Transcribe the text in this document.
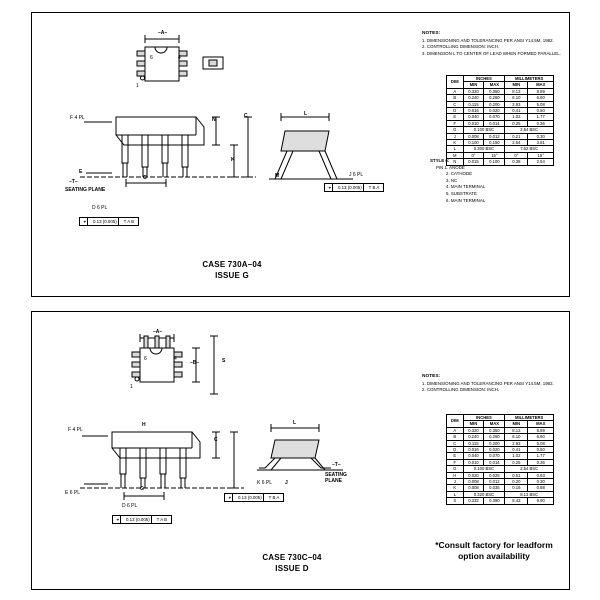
–A–
1
6	4
F 4 PL
E
G
N
K
C
–T–
SEATING PLANE
D 6 PL
⌖ 0.13 (0.005) T A B
L
M	J 6 PL
⌖ 0.13 (0.005) T B A
NOTES:
1. DIMENSIONING AND TOLERANCING PER ANSI Y14.5M, 1982.
2. CONTROLLING DIMENSION: INCH.
3. DIMENSION L TO CENTER OF LEAD WHEN FORMED PARALLEL.
DIM	INCHES		MILLIMETERS	
	MIN	MAX	MIN	MAX
A	0.320	0.350	8.13	8.89
B	0.240	0.260	6.10	6.60
C	0.115	0.200	2.93	5.08
D	0.016	0.020	0.41	0.50
E	0.040	0.070	1.02	1.77
F	0.010	0.014	0.25	0.36
G	0.100 BSC		2.54 BSC	
J	0.008	0.012	0.21	0.30
K	0.100	0.150	2.54	3.81
L	0.300 BSC		7.62 BSC	
M	0°	15°	0°	15°
N	0.015	0.100	0.38	2.54
STYLE 6:
PIN 1. ANODE
2. CATHODE
3. NC
4. MAIN TERMINAL
5. SUBSTRATE
6. MAIN TERMINAL
CASE 730A–04
ISSUE G
–A–
–B–	S
1
6	4
F 4 PL
H
C
G
E 6 PL
D 6 PL
⌖ 0.13 (0.005) T A B
L
J
K 6 PL
–T–
SEATING PLANE
⌖ 0.13 (0.005) T B A
NOTES:
1. DIMENSIONING AND TOLERANCING PER ANSI Y14.5M, 1982.
2. CONTROLLING DIMENSION: INCH.
DIM	INCHES		MILLIMETERS	
	MIN	MAX	MIN	MAX
A	0.320	0.350	8.13	8.89
B	0.240	0.260	6.10	6.60
C	0.115	0.200	2.93	5.08
D	0.016	0.020	0.41	0.50
E	0.040	0.070	1.02	1.77
F	0.010	0.014	0.25	0.36
G	0.100 BSC		2.54 BSC	
H	0.020	0.025	0.51	0.63
J	0.008	0.012	0.20	0.30
K	0.008	0.035	0.16	0.88
L	0.320 BSC		8.13 BSC	
S	0.332	0.390	8.43	9.90
*Consult factory for leadform option availability
CASE 730C–04
ISSUE D
